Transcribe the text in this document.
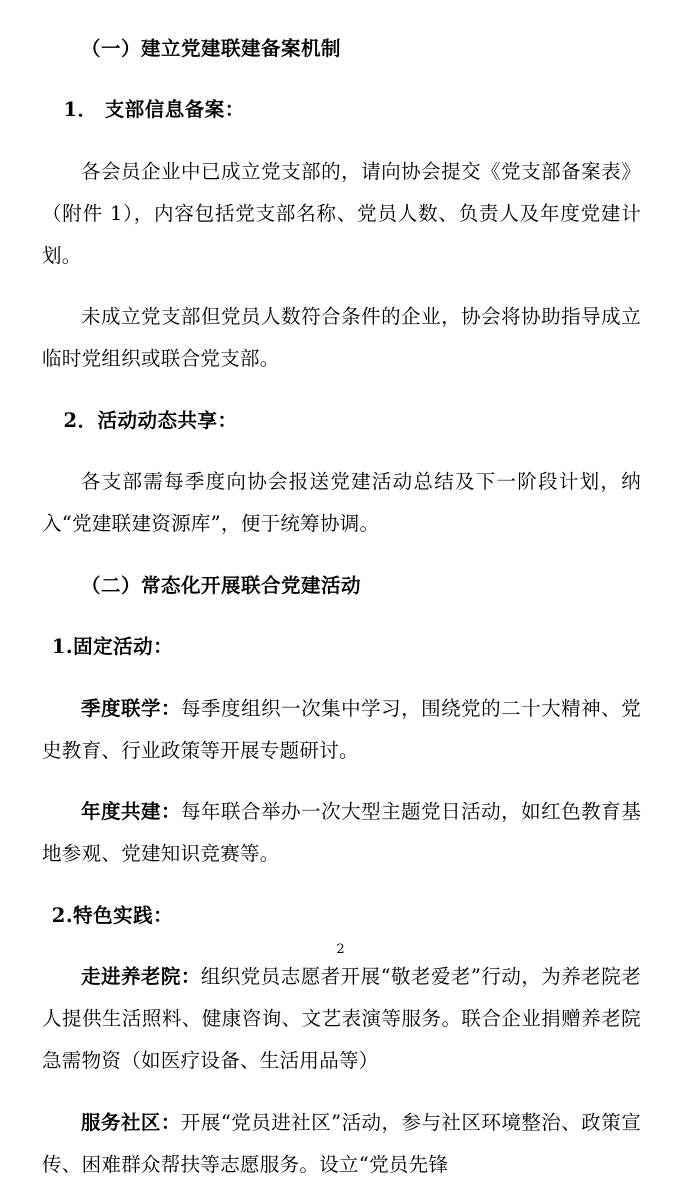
（一）建立党建联建备案机制

1． 支部信息备案：

各会员企业中已成立党支部的，请向协会提交《党支部备案表》（附件 1），内容包括党支部名称、党员人数、负责人及年度党建计划。

未成立党支部但党员人数符合条件的企业，协会将协助指导成立临时党组织或联合党支部。

2．活动动态共享：

各支部需每季度向协会报送党建活动总结及下一阶段计划，纳入“党建联建资源库”，便于统筹协调。

（二）常态化开展联合党建活动

1.固定活动：

季度联学：每季度组织一次集中学习，围绕党的二十大精神、党史教育、行业政策等开展专题研讨。

年度共建：每年联合举办一次大型主题党日活动，如红色教育基地参观、党建知识竞赛等。

2.特色实践：

走进养老院：组织党员志愿者开展“敬老爱老”行动，为养老院老人提供生活照料、健康咨询、文艺表演等服务。联合企业捐赠养老院急需物资（如医疗设备、生活用品等）

服务社区：开展“党员进社区”活动，参与社区环境整治、政策宣传、困难群众帮扶等志愿服务。设立“党员先锋

2
